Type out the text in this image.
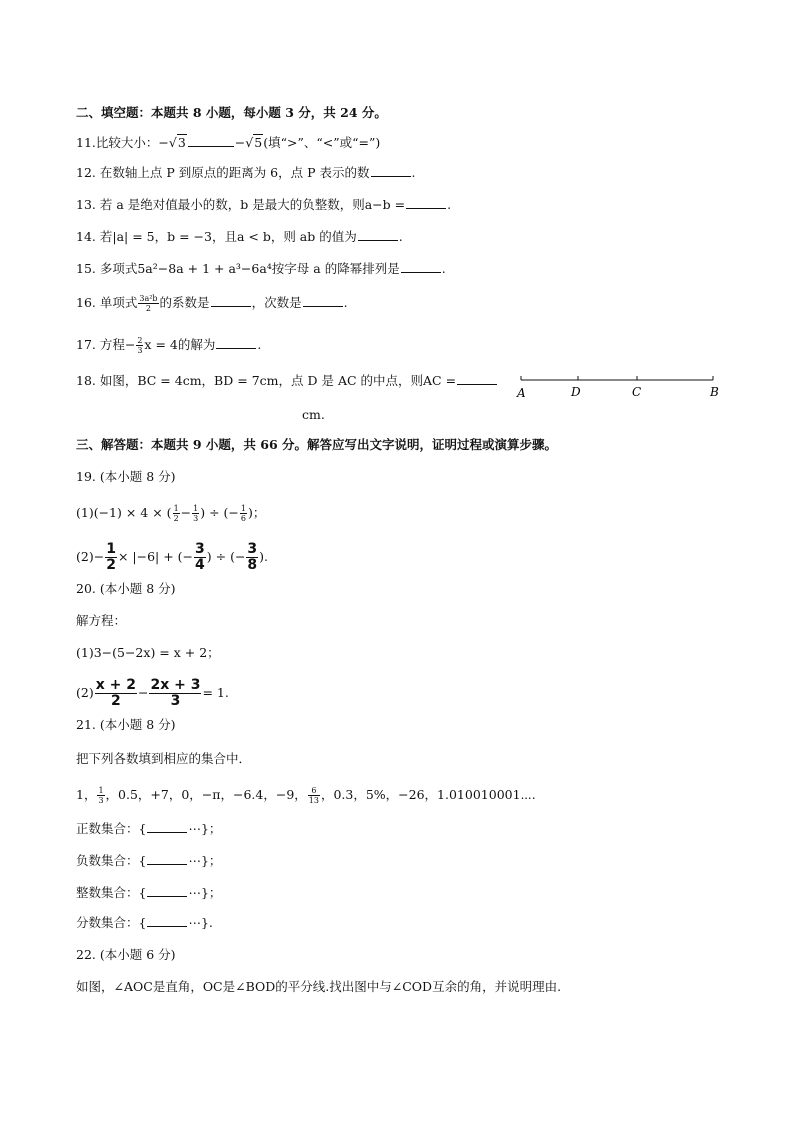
二、填空题：本题共 8 小题，每小题 3 分，共 24 分。
11.比较大小：−√3	−√5(填“>”、“<”或“=”)
12. 在数轴上点 P 到原点的距离为 6，点 P 表示的数	.
13. 若 a 是绝对值最小的数，b 是最大的负整数，则a−b =	.
14. 若|a| = 5，b = −3，且a < b，则 ab 的值为	.
15. 多项式5a²−8a + 1 + a³−6a⁴按字母 a 的降幂排列是	.
16. 单项式 $\frac{\text{3a²b}}{2}$ 的系数是	，次数是	.
17. 方程− $\frac{2}{3}$ x = 4的解为	.
18. 如图，BC = 4cm，BD = 7cm，点 D 是 AC 的中点，则AC =
cm.
A	D	C	B
三、解答题：本题共 9 小题，共 66 分。解答应写出文字说明，证明过程或演算步骤。
19. (本小题 8 分)
(1)(−1) × 4 × ( $\frac{1}{2} - \frac{1}{3}$ ) ÷ (− $\frac{1}{6}$ )；
$(2)- \frac{1}{2} \times |-6|$ + (− $\frac{3}{4}$ ) ÷ (− $\frac{3}{8}$ ).
20. (本小题 8 分)
解方程：
(1)3−(5−2x) = x + 2；
$(2) \frac{x + 2}{2} - \frac{2x + 3}{3} = 1$.
21. (本小题 8 分)
把下列各数填到相应的集合中．
1， $\frac{1}{3}$ ，0.5，+7，0，−π，−6.4，−9， $\frac{6}{13}$ ，0.3，5%，−26，1.010010001⋯.
正数集合：{	⋯}；
负数集合：{	⋯}；
整数集合：{	⋯}；
分数集合：{	⋯}.
22. (本小题 6 分)
如图，∠AOC是直角，OC是∠BOD的平分线.找出图中与∠COD互余的角，并说明理由.
